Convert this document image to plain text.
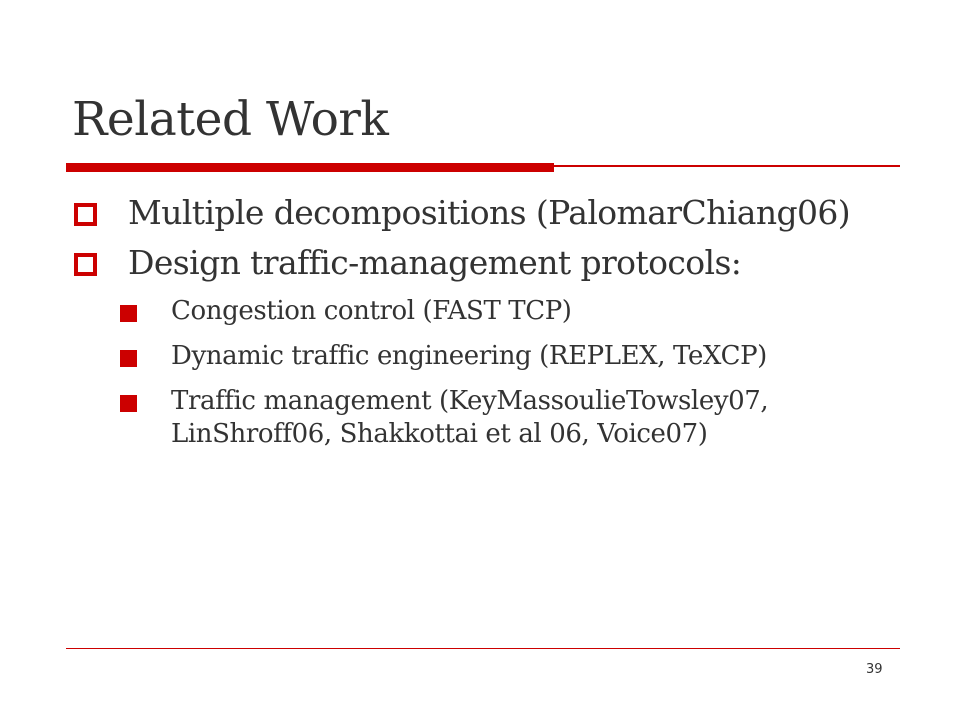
Related Work
Multiple decompositions (PalomarChiang06)
Design traffic-management protocols:
Congestion control (FAST TCP)
Dynamic traffic engineering (REPLEX, TeXCP)
Traffic management (KeyMassoulieTowsley07,
LinShroff06, Shakkottai et al 06, Voice07)
39
